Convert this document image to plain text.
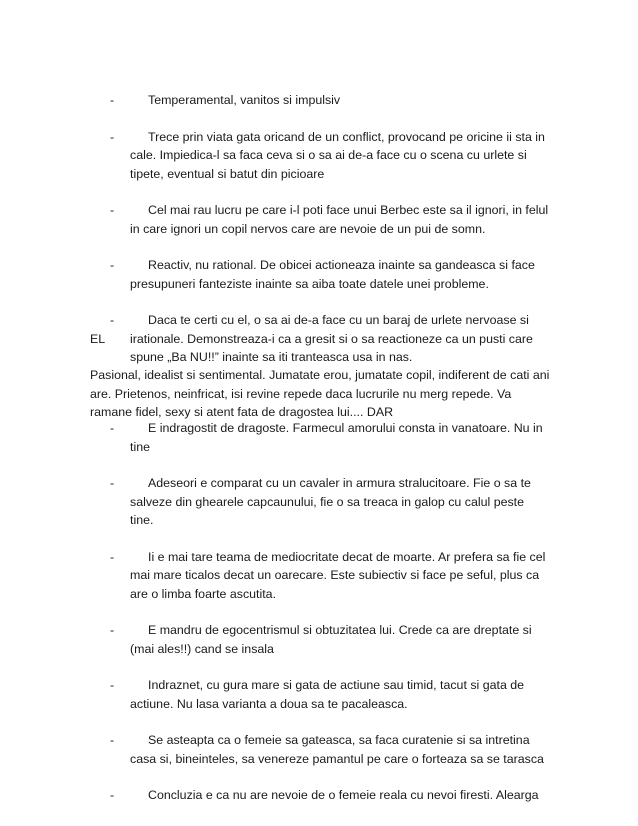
-	Temperamental, vanitos si impulsiv
-	Trece prin viata gata oricand de un conflict, provocand pe oricine ii sta in cale. Impiedica-l sa faca ceva si o sa ai de-a face cu o scena cu urlete si tipete, eventual si batut din picioare
-	Cel mai rau lucru pe care i-l poti face unui Berbec este sa il ignori, in felul in care ignori un copil nervos care are nevoie de un pui de somn.
-	Reactiv, nu rational. De obicei actioneaza inainte sa gandeasca si face presupuneri fanteziste inainte sa aiba toate datele unei probleme.
-	Daca te certi cu el, o sa ai de-a face cu un baraj de urlete nervoase si irationale. Demonstreaza-i ca a gresit si o sa reactioneze ca un pusti care spune „Ba NU!!” inainte sa iti tranteasca usa in nas.
EL

Pasional, idealist si sentimental. Jumatate erou, jumatate copil, indiferent de cati ani are. Prietenos, neinfricat, isi revine repede daca lucrurile nu merg repede. Va ramane fidel, sexy si atent fata de dragostea lui.... DAR

-	E indragostit de dragoste. Farmecul amorului consta in vanatoare. Nu in tine
-	Adeseori e comparat cu un cavaler in armura stralucitoare. Fie o sa te salveze din ghearele capcaunului, fie o sa treaca in galop cu calul peste tine.
-	Ii e mai tare teama de mediocritate decat de moarte. Ar prefera sa fie cel mai mare ticalos decat un oarecare. Este subiectiv si face pe seful, plus ca are o limba foarte ascutita.
-	E mandru de egocentrismul si obtuzitatea lui. Crede ca are dreptate si (mai ales!!) cand se insala
-	Indraznet, cu gura mare si gata de actiune sau timid, tacut si gata de actiune. Nu lasa varianta a doua sa te pacaleasca.
-	Se asteapta ca o femeie sa gateasca, sa faca curatenie si sa intretina casa si, bineinteles, sa venereze pamantul pe care o forteaza sa se tarasca
-	Concluzia e ca nu are nevoie de o femeie reala cu nevoi firesti. Alearga
